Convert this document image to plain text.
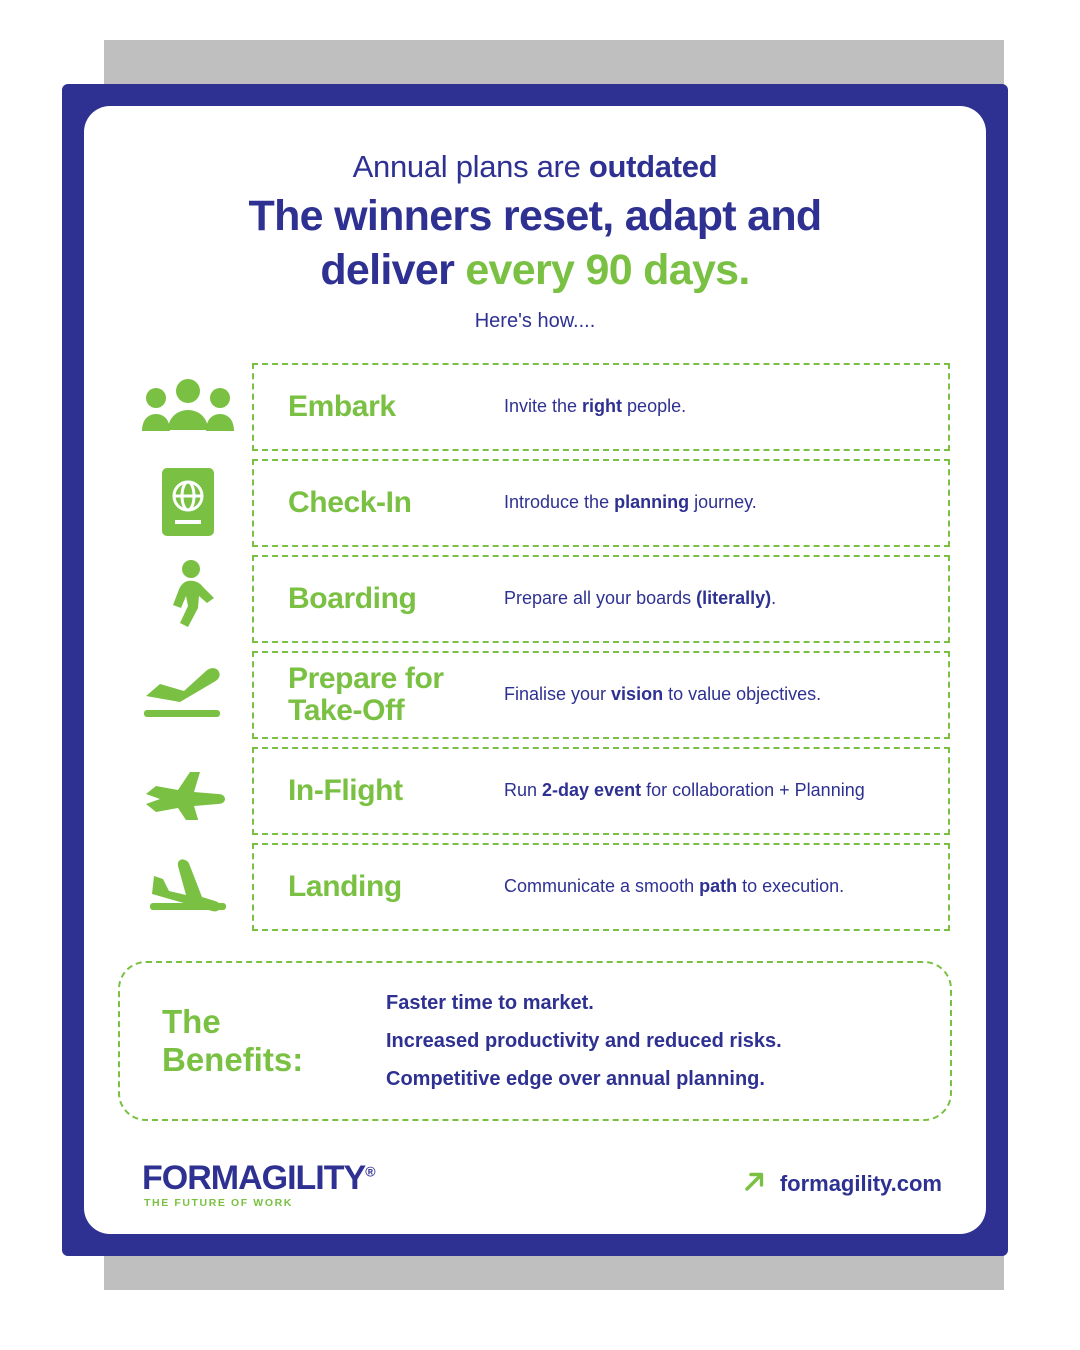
Annual plans are outdated
The winners reset, adapt and
deliver every 90 days.
Here's how....
Embark	Invite the right people.
Check-In	Introduce the planning journey.
Boarding	Prepare all your boards (literally).
Prepare for Take-Off	Finalise your vision to value objectives.
In-Flight	Run 2-day event for collaboration + Planning
Landing	Communicate a smooth path to execution.
The
Benefits:
Faster time to market.
Increased productivity and reduced risks.
Competitive edge over annual planning.
FORMAGILITY®
THE FUTURE OF WORK
formagility.com
